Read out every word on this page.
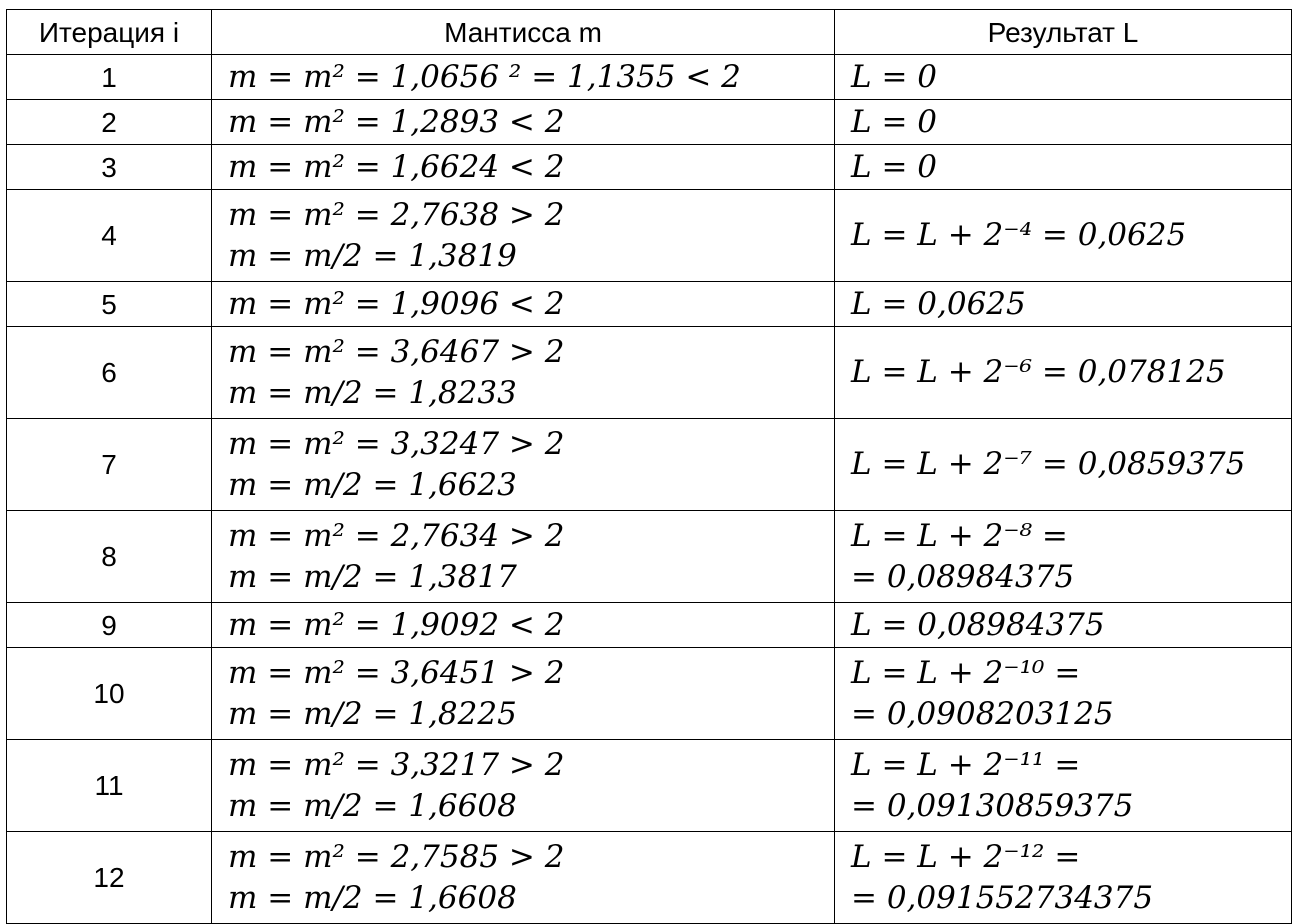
Итерация i	Мантисса m	Результат L
1	m = m² = 1,0656 ² = 1,1355 < 2	L = 0

2	m = m² = 1,2893 < 2	L = 0

3	m = m² = 1,6624 < 2	L = 0

4	m = m² = 2,7638 > 2
m = m/2 = 1,3819	L = L + 2⁻⁴ = 0,0625

5	m = m² = 1,9096 < 2	L = 0,0625

6	m = m² = 3,6467 > 2
m = m/2 = 1,8233	L = L + 2⁻⁶ = 0,078125

7	m = m² = 3,3247 > 2
m = m/2 = 1,6623	L = L + 2⁻⁷ = 0,0859375

8	m = m² = 2,7634 > 2
m = m/2 = 1,3817	L = L + 2⁻⁸ =
= 0,08984375

9	m = m² = 1,9092 < 2	L = 0,08984375

10	m = m² = 3,6451 > 2
m = m/2 = 1,8225	L = L + 2⁻¹⁰ =
= 0,0908203125

11	m = m² = 3,3217 > 2
m = m/2 = 1,6608	L = L + 2⁻¹¹ =
= 0,09130859375

12	m = m² = 2,7585 > 2
m = m/2 = 1,6608	L = L + 2⁻¹² =
= 0,091552734375
